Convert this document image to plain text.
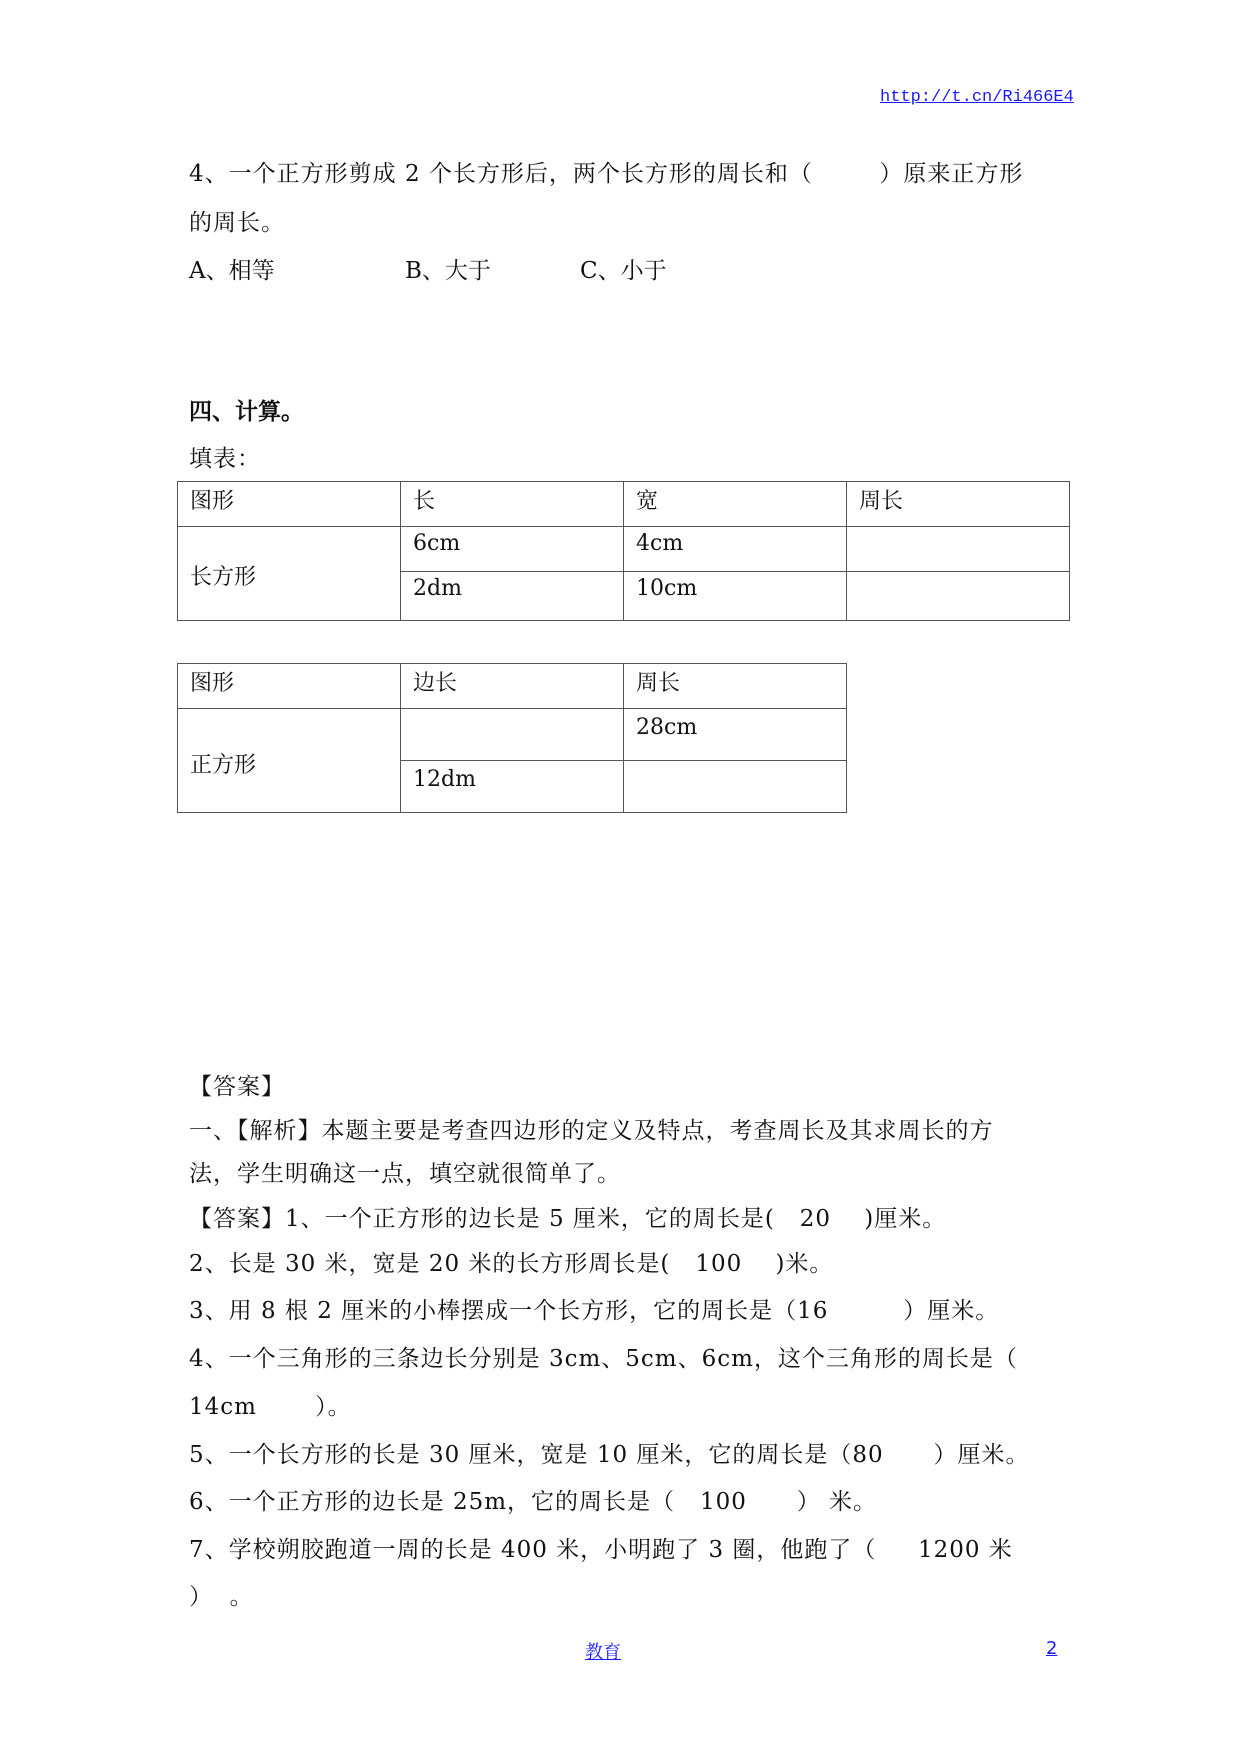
http://t.cn/Ri466E4
4、一个正方形剪成 2 个长方形后，两个长方形的周长和（        ）原来正方形
的周长。
A、相等	B、大于	C、小于
四、计算。
填表：
图形	长	宽	周长
长方形	6cm	4cm	
	2dm	10cm	
图形	边长	周长
正方形		28cm
	12dm	
【答案】
一、【解析】本题主要是考查四边形的定义及特点，考查周长及其求周长的方
法，学生明确这一点，填空就很简单了。
【答案】1、一个正方形的边长是 5 厘米，它的周长是(   20    )厘米。
2、长是 30 米，宽是 20 米的长方形周长是(   100    )米。
3、用 8 根 2 厘米的小棒摆成一个长方形，它的周长是（16         ）厘米。
4、一个三角形的三条边长分别是 3cm、5cm、6cm，这个三角形的周长是（
14cm       ）。
5、一个长方形的长是 30 厘米，宽是 10 厘米，它的周长是（80      ）厘米。
6、一个正方形的边长是 25m，它的周长是（   100      ） 米。
7、学校朔胶跑道一周的长是 400 米，小明跑了 3 圈，他跑了（     1200 米
）  。
教育	2
